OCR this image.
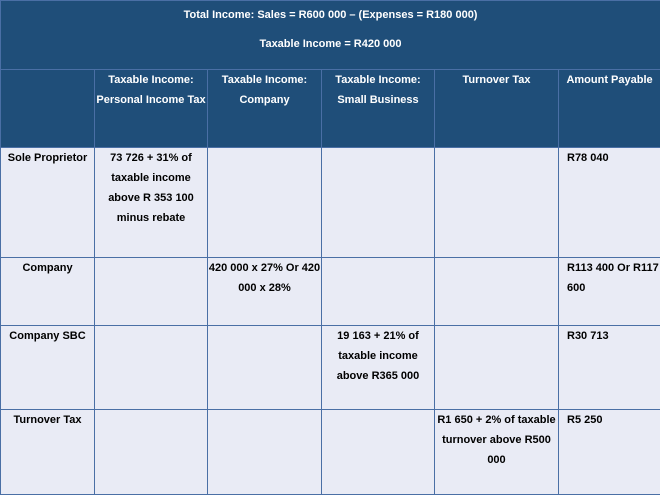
Total Income: Sales = R600 000 – (Expenses = R180 000)
Taxable Income = R420 000					

	Taxable Income: Personal Income Tax	Taxable Income: Company	Taxable Income: Small Business	Turnover Tax	Amount Payable
Sole Proprietor	73 726 + 31% of taxable income above R 353 100 minus rebate				R78 040
Company		420 000 x 27% Or 420 000 x 28%			R113 400 Or R117 600
Company SBC			19 163 + 21% of taxable income above R365 000		R30 713
Turnover Tax				R1 650 + 2% of taxable turnover above R500 000	R5 250
